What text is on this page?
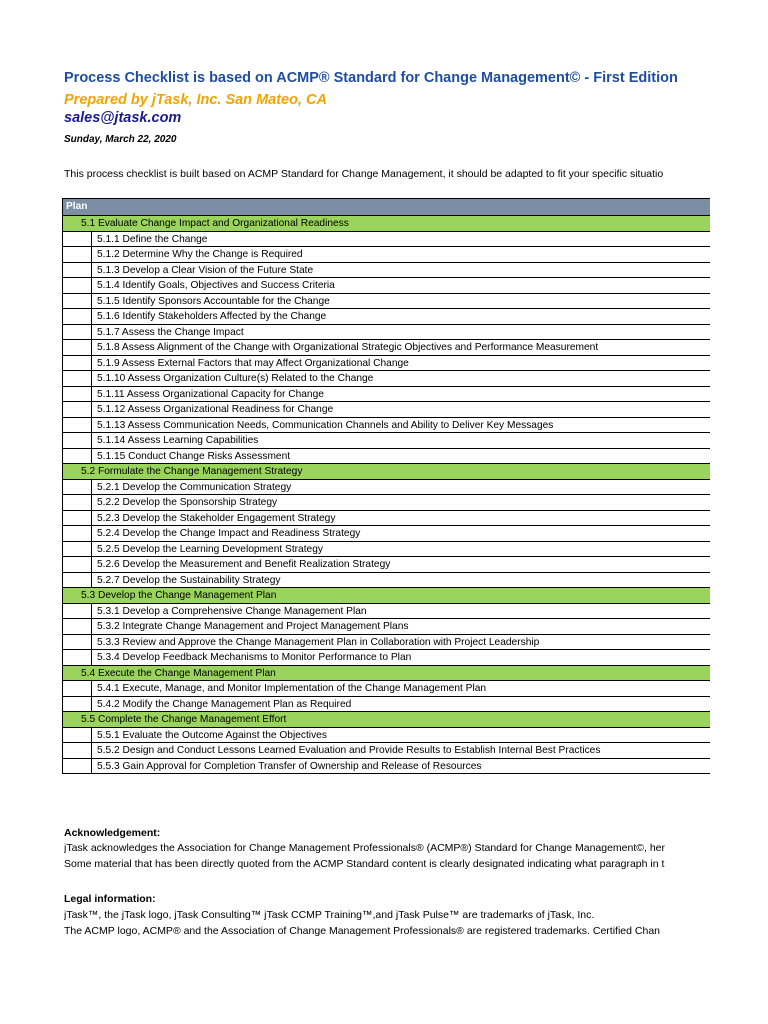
Process Checklist is based on ACMP® Standard for Change Management© - First Edition
Prepared by jTask, Inc. San Mateo, CA
sales@jtask.com
Sunday, March 22, 2020
This process checklist is built based on ACMP Standard for Change Management, it should be adapted to fit your specific situatio
Plan
5.1 Evaluate Change Impact and Organizational Readiness
5.1.1 Define the Change
5.1.2 Determine Why the Change is Required
5.1.3 Develop a Clear Vision of the Future State
5.1.4 Identify Goals, Objectives and Success Criteria
5.1.5 Identify Sponsors Accountable for the Change
5.1.6 Identify Stakeholders Affected by the Change
5.1.7 Assess the Change Impact
5.1.8 Assess Alignment of the Change with Organizational Strategic Objectives and Performance Measurement
5.1.9 Assess External Factors that may Affect Organizational Change
5.1.10 Assess Organization Culture(s) Related to the Change
5.1.11 Assess Organizational Capacity for Change
5.1.12 Assess Organizational Readiness for Change
5.1.13 Assess Communication Needs, Communication Channels and Ability to Deliver Key Messages
5.1.14 Assess Learning Capabilities
5.1.15 Conduct Change Risks Assessment
5.2 Formulate the Change Management Strategy
5.2.1 Develop the Communication Strategy
5.2.2 Develop the Sponsorship Strategy
5.2.3 Develop the Stakeholder Engagement Strategy
5.2.4 Develop the Change Impact and Readiness Strategy
5.2.5 Develop the Learning Development Strategy
5.2.6 Develop the Measurement and Benefit Realization Strategy
5.2.7 Develop the Sustainability Strategy
5.3 Develop the Change Management Plan
5.3.1 Develop a Comprehensive Change Management Plan
5.3.2 Integrate Change Management and Project Management Plans
5.3.3 Review and Approve the Change Management Plan in Collaboration with Project Leadership
5.3.4 Develop Feedback Mechanisms to Monitor Performance to Plan
5.4 Execute the Change Management Plan
5.4.1 Execute, Manage, and Monitor Implementation of the Change Management Plan
5.4.2 Modify the Change Management Plan as Required
5.5 Complete the Change Management Effort
5.5.1 Evaluate the Outcome Against the Objectives
5.5.2 Design and Conduct Lessons Learned Evaluation and Provide Results to Establish Internal Best Practices
5.5.3 Gain Approval for Completion Transfer of Ownership and Release of Resources
Acknowledgement:
jTask acknowledges the Association for Change Management Professionals® (ACMP®) Standard for Change Management©, her
Some material that has been directly quoted from the ACMP Standard content is clearly designated indicating what paragraph in t
Legal information:
jTask™, the jTask logo, jTask Consulting™ jTask CCMP Training™,and jTask Pulse™ are trademarks of jTask, Inc.
The ACMP logo, ACMP® and the Association of Change Management Professionals® are registered trademarks. Certified Chan
